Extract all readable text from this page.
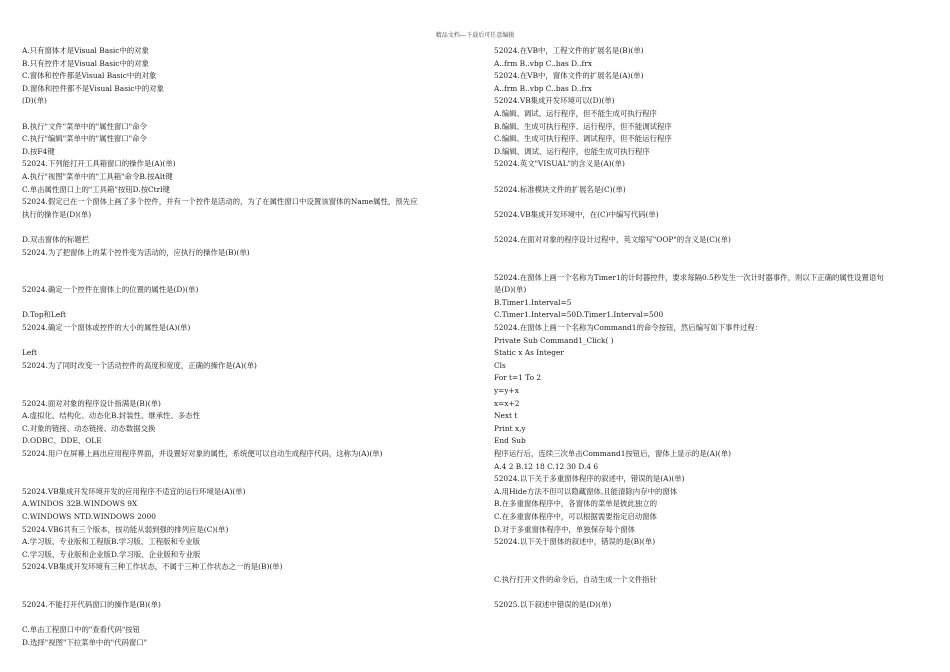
精品文档---下载后可任意编辑
A.只有窗体才是Visual Basic中的对象
B.只有控件才是Visual Basic中的对象
C.窗体和控件都是Visual Basic中的对象
D.窗体和控件都不是Visual Basic中的对象
(D)(单)
B.执行"文件"菜单中的"属性窗口"命令
C.执行"编辑"菜单中的"属性窗口"命令
D.按F4键
52024.下列能打开工具箱窗口的操作是(A)(单)
A.执行"视图"菜单中的"工具箱"命令B.按Alt键
C.单击属性窗口上的"工具箱"按钮D.按Ctrl键
52024.假定已在一个窗体上画了多个控件，并有一个控件是活动的，为了在属性窗口中设置该窗体的Name属性，预先应
执行的操作是(D)(单)
D.双击窗体的标题栏
52024.为了把窗体上的某个控件变为活动的，应执行的操作是(B)(单)
52024.确定一个控件在窗体上的位置的属性是(D)(单)
D.Top和Left
52024.确定一个窗体或控件的大小的属性是(A)(单)
Left
52024.为了同时改变一个活动控件的高度和宽度，正确的操作是(A)(单)
52024.面对对象的程序设计指满是(B)(单)
A.虚拟化、结构化、动态化B.封装性、继承性、多态性
C.对象的链接、动态链接、动态数据交换
D.ODBC、DDE、OLE
52024.用户在屏幕上画出应用程序界面，并设置好对象的属性，系统便可以自动生成程序代码，这称为(A)(单)
52024.VB集成开发环境开发的应用程序不适宜的运行环境是(A)(单)
A.WINDOS 32B.WINDOWS 9X
C.WINDOWS NTD.WINDOWS 2000
52024.VB6共有三个版本，按功能从弱到强的排列应是(C)(单)
A.学习版、专业版和工程版B.学习版、工程版和专业版
C.学习版、专业版和企业版D.学习版、企业版和专业版
52024.VB集成开发环境有三种工作状态，不属于三种工作状态之一的是(B)(单)
52024.不能打开代码窗口的操作是(B)(单)
C.单击工程窗口中的"查看代码"按钮
D.选择"视图"下拉菜单中的"代码窗口"
52024.在VB中，工程文件的扩展名是(B)(单)
A..frm B..vbp C..bas D..frx
52024.在VB中，窗体文件的扩展名是(A)(单)
A..frm B..vbp C..bas D..frx
52024.VB集成开发环境可以(D)(单)
A.编辑、调试、运行程序，但不能生成可执行程序
B.编辑、生成可执行程序、运行程序，但不能调试程序
C.编辑、生成可执行程序、调试程序，但不能运行程序
D.编辑、调试、运行程序，也能生成可执行程序
52024.英文"VISUAL"的含义是(A)(单)
52024.标准模块文件的扩展名是(C)(单)
52024.VB集成开发环境中，在(C)中编写代码(单)
52024.在面对对象的程序设计过程中，英文缩写"OOP"的含义是(C)(单)
52024.在窗体上画一个名称为Timer1的计时器控件，要求每隔0.5秒发生一次计时器事件，则以下正确的属性设置语句
是(D)(单)
B.Timer1.Interval=5
C.Timer1.Interval=50D.Timer1.Interval=500
52024.在窗体上画一个名称为Command1的命令按钮，然后编写如下事件过程：
Private Sub Command1_Click( )
Static x As Integer
Cls
For t=1 To 2
y=y+x
x=x+2
Next t
Print x,y
End Sub
程序运行后，连续三次单击Command1按钮后，窗体上显示的是(A)(单)
A.4 2 B.12 18 C.12 30 D.4 6
52024.以下关于多重窗体程序的叙述中，错误的是(A)(单)
A.用Hide方法不但可以隐藏窗体,且能清除内存中的窗体
B.在多重窗体程序中，各窗体的菜单是彼此独立的
C.在多重窗体程序中，可以根据需要指定启动窗体
D.对于多重窗体程序中，单独保存每个窗体
52024.以下关于窗体的叙述中，错误的是(B)(单)
C.执行打开文件的命令后，自动生成一个文件指针
52025.以下叙述中错误的是(D)(单)
